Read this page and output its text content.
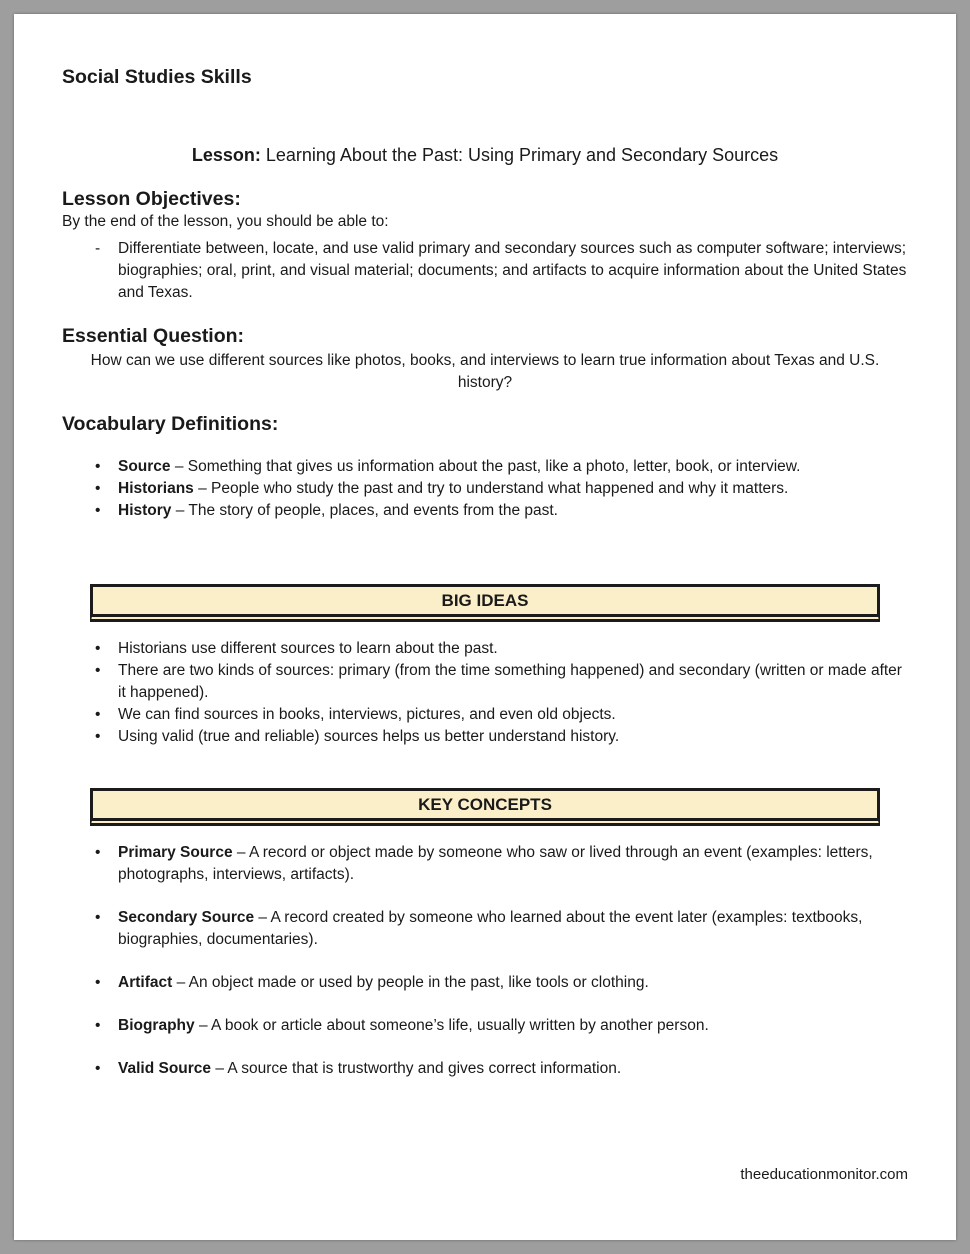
Social Studies Skills

Lesson: Learning About the Past: Using Primary and Secondary Sources

Lesson Objectives:

By the end of the lesson, you should be able to:

- Differentiate between, locate, and use valid primary and secondary sources such as computer software; interviews; biographies; oral, print, and visual material; documents; and artifacts to acquire information about the United States and Texas.
Essential Question:

How can we use different sources like photos, books, and interviews to learn true information about Texas and U.S. history?

Vocabulary Definitions:
• Source – Something that gives us information about the past, like a photo, letter, book, or interview.
• Historians – People who study the past and try to understand what happened and why it matters.
• History – The story of people, places, and events from the past.
BIG IDEAS
• Historians use different sources to learn about the past.
• There are two kinds of sources: primary (from the time something happened) and secondary (written or made after it happened).
• We can find sources in books, interviews, pictures, and even old objects.
• Using valid (true and reliable) sources helps us better understand history.
KEY CONCEPTS
• Primary Source – A record or object made by someone who saw or lived through an event (examples: letters, photographs, interviews, artifacts).
• Secondary Source – A record created by someone who learned about the event later (examples: textbooks, biographies, documentaries).
• Artifact – An object made or used by people in the past, like tools or clothing.
• Biography – A book or article about someone’s life, usually written by another person.
• Valid Source – A source that is trustworthy and gives correct information.
theeducationmonitor.com
